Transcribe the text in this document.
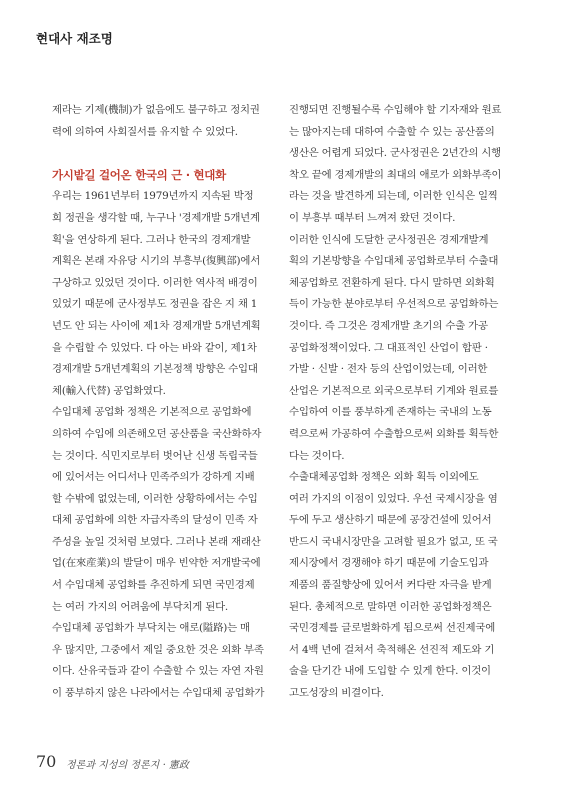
현대사 재조명
제라는 기제(機制)가 없음에도 불구하고 정치권
력에 의하여 사회질서를 유지할 수 있었다.
가시밭길 걸어온 한국의 근 · 현대화
우리는 1961년부터 1979년까지 지속된 박정
희 정권을 생각할 때, 누구나 '경제개발 5개년계
획'을 연상하게 된다. 그러나 한국의 경제개발
계획은 본래 자유당 시기의 부흥부(復興部)에서
구상하고 있었던 것이다. 이러한 역사적 배경이
있었기 때문에 군사정부도 정권을 잡은 지 채 1
년도 안 되는 사이에 제1차 경제개발 5개년계획
을 수립할 수 있었다. 다 아는 바와 같이, 제1차
경제개발 5개년계획의 기본정책 방향은 수입대
체(輸入代替) 공업화였다.
수입대체 공업화 정책은 기본적으로 공업화에
의하여 수입에 의존해오던 공산품을 국산화하자
는 것이다. 식민지로부터 벗어난 신생 독립국들
에 있어서는 어디서나 민족주의가 강하게 지배
할 수밖에 없었는데, 이러한 상황하에서는 수입
대체 공업화에 의한 자급자족의 달성이 민족 자
주성을 높일 것처럼 보였다. 그러나 본래 재래산
업(在來産業)의 발달이 매우 빈약한 저개발국에
서 수입대체 공업화를 추진하게 되면 국민경제
는 여러 가지의 어려움에 부닥치게 된다.
수입대체 공업화가 부닥치는 애로(隘路)는 매
우 많지만, 그중에서 제일 중요한 것은 외화 부족
이다. 산유국들과 같이 수출할 수 있는 자연 자원
이 풍부하지 않은 나라에서는 수입대체 공업화가
진행되면 진행될수록 수입해야 할 기자재와 원료
는 많아지는데 대하여 수출할 수 있는 공산품의
생산은 어렵게 되었다. 군사정권은 2년간의 시행
착오 끝에 경제개발의 최대의 애로가 외화부족이
라는 것을 발견하게 되는데, 이러한 인식은 일찍
이 부흥부 때부터 느껴져 왔던 것이다.
이러한 인식에 도달한 군사정권은 경제개발계
획의 기본방향을 수입대체 공업화로부터 수출대
체공업화로 전환하게 된다. 다시 말하면 외화획
득이 가능한 분야로부터 우선적으로 공업화하는
것이다. 즉 그것은 경제개발 초기의 수출 가공
공업화정책이었다. 그 대표적인 산업이 합판 ·
가발 · 신발 · 전자 등의 산업이었는데, 이러한
산업은 기본적으로 외국으로부터 기계와 원료를
수입하여 이를 풍부하게 존재하는 국내의 노동
력으로써 가공하여 수출함으로써 외화를 획득한
다는 것이다.
수출대체공업화 정책은 외화 획득 이외에도
여러 가지의 이점이 있었다. 우선 국제시장을 염
두에 두고 생산하기 때문에 공장건설에 있어서
반드시 국내시장만을 고려할 필요가 없고, 또 국
제시장에서 경쟁해야 하기 때문에 기술도입과
제품의 품질향상에 있어서 커다란 자극을 받게
된다. 총체적으로 말하면 이러한 공업화정책은
국민경제를 글로벌화하게 됨으로써 선진제국에
서 4백 년에 걸쳐서 축적해온 선진적 제도와 기
술을 단기간 내에 도입할 수 있게 한다. 이것이
고도성장의 비결이다.
70 정론과 지성의 정론지 · 憲政
